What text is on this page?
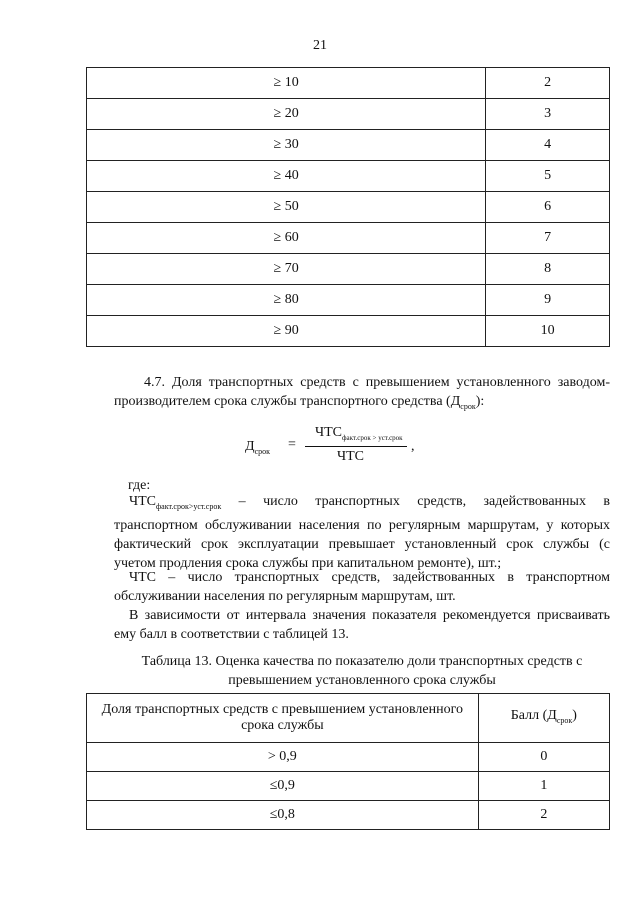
21
≥ 10	2
≥ 20	3
≥ 30	4
≥ 40	5
≥ 50	6
≥ 60	7
≥ 70	8
≥ 80	9
≥ 90	10

4.7. Доля транспортных средств с превышением установленного заводом-производителем срока службы транспортного средства $(Д_{срок})$:

$Д_{срок}$ =
$ЧТС_{факт.срок > уст.срок}$
ЧТС
,

где:

$ЧТС_{факт.срок>уст.срок}$ – число транспортных средств, задействованных в транспортном обслуживании населения по регулярным маршрутам, у которых фактический срок эксплуатации превышает установленный срок службы (с учетом продления срока службы при капитальном ремонте), шт.;

ЧТС – число транспортных средств, задействованных в транспортном обслуживании населения по регулярным маршрутам, шт.

В зависимости от интервала значения показателя рекомендуется присваивать ему балл в соответствии с таблицей 13.

Таблица 13. Оценка качества по показателю доли транспортных средств с превышением установленного срока службы
Доля транспортных средств с превышением установленного срока службы	Балл $(Д_{срок})$
> 0,9	0
≤0,9	1
≤0,8	2
